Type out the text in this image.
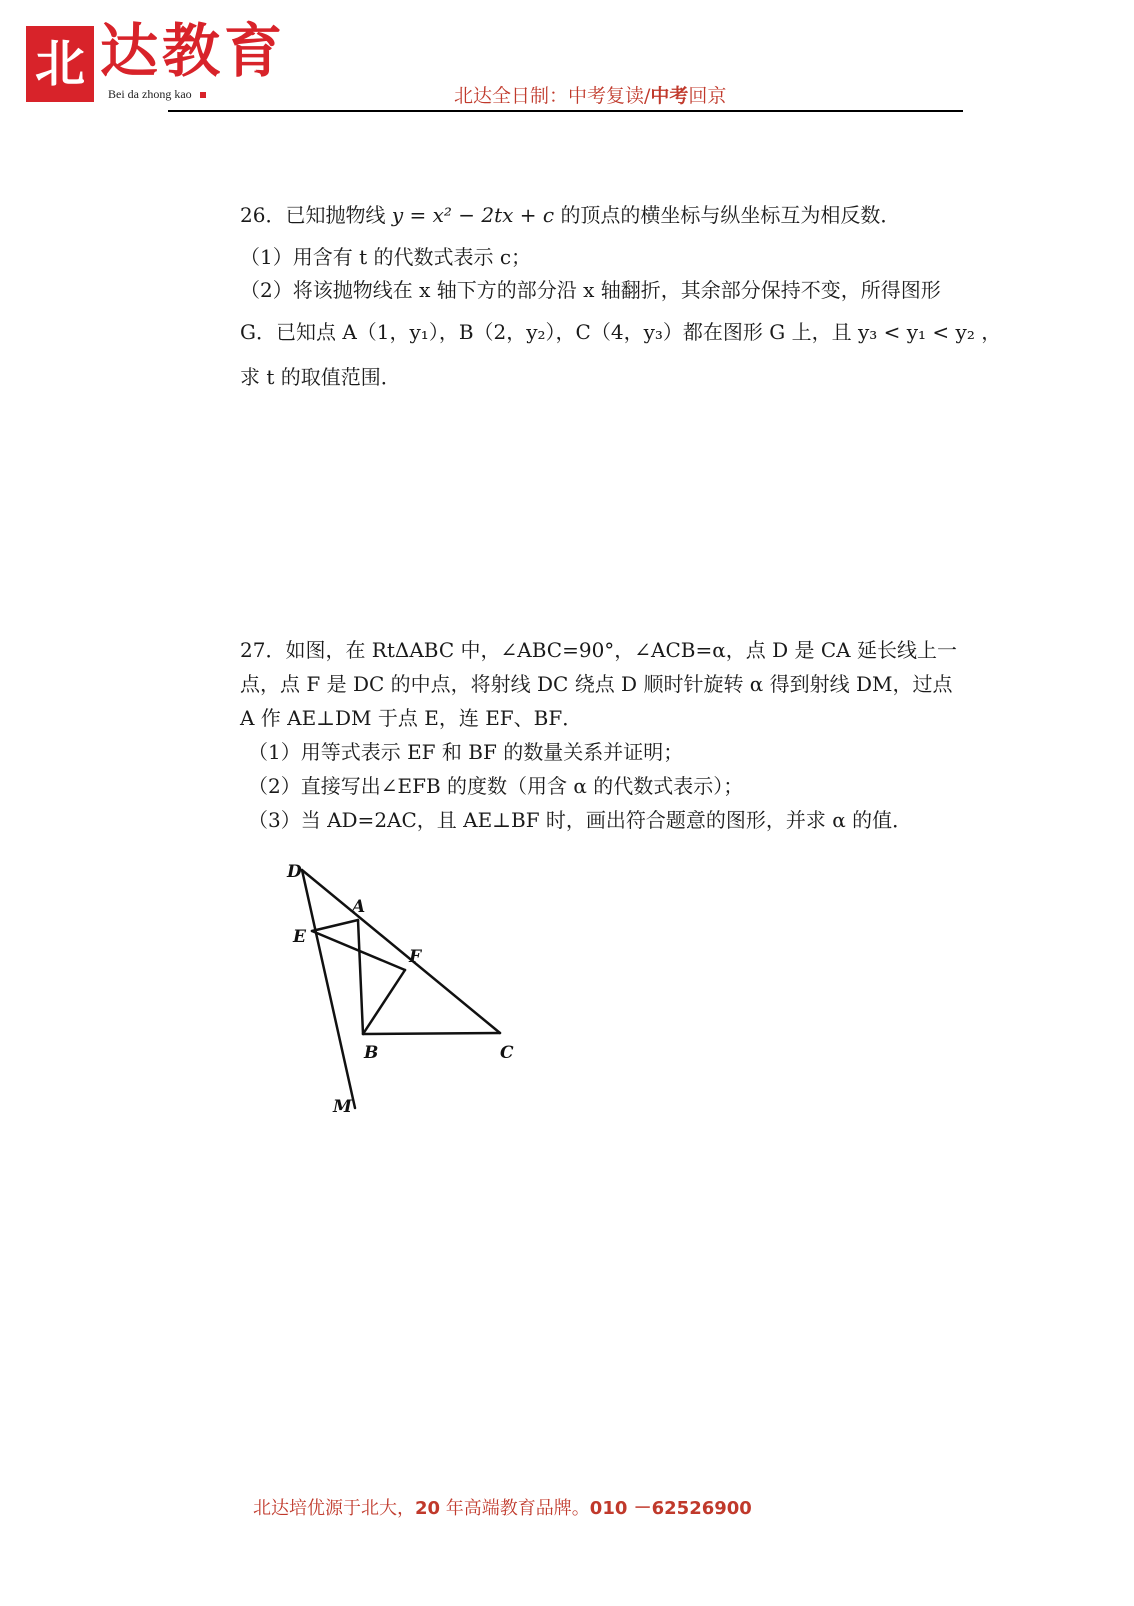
北 达教育
Bei da zhong kao	北达全日制：中考复读/中考回京
26．已知抛物线 y = x² − 2tx + c 的顶点的横坐标与纵坐标互为相反数．
（1）用含有 t 的代数式表示 c；
（2）将该抛物线在 x 轴下方的部分沿 x 轴翻折，其余部分保持不变，所得图形
G．已知点 A（1，y₁），B（2，y₂），C（4，y₃）都在图形 G 上，且 y₃ < y₁ < y₂ ，
求 t 的取值范围．
27．如图，在 RtΔABC 中，∠ABC=90°，∠ACB=α，点 D 是 CA 延长线上一
点，点 F 是 DC 的中点，将射线 DC 绕点 D 顺时针旋转 α 得到射线 DM，过点
A 作 AE⊥DM 于点 E，连 EF、BF．
（1）用等式表示 EF 和 BF 的数量关系并证明；
（2）直接写出∠EFB 的度数（用含 α 的代数式表示）；
（3）当 AD=2AC，且 AE⊥BF 时，画出符合题意的图形，并求 α 的值．
D
A
E
F
B	C
M
北达培优源于北大，20 年高端教育品牌。010 －62526900
